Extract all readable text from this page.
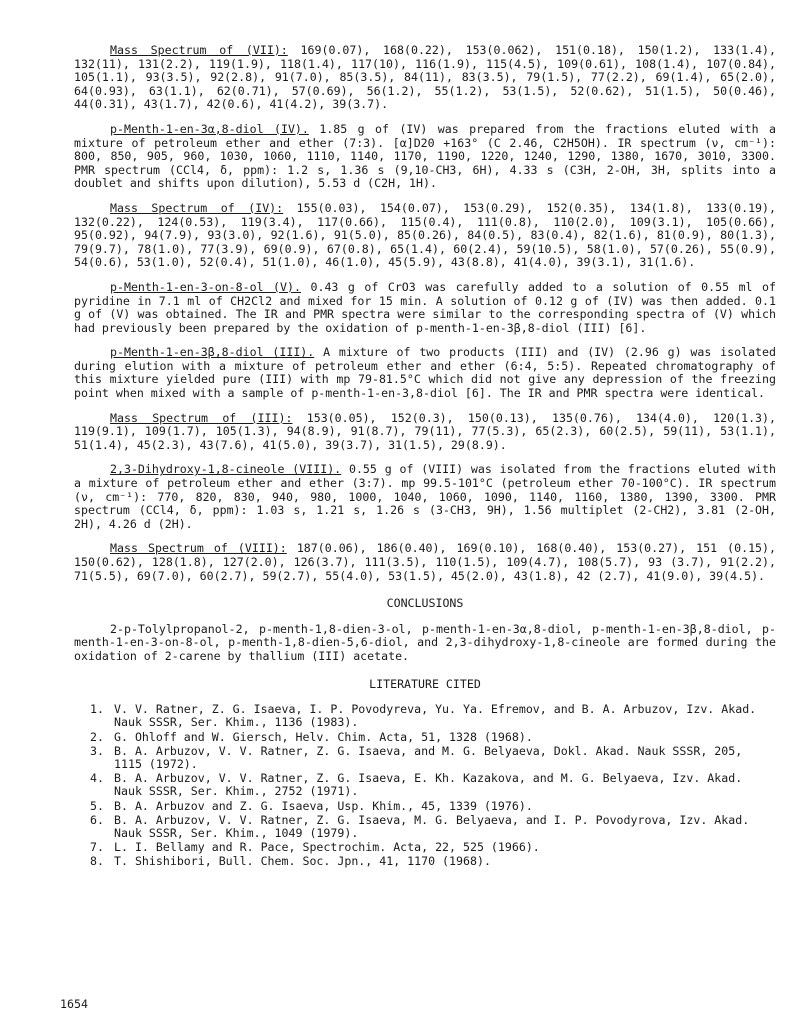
Mass Spectrum of (VII): 169(0.07), 168(0.22), 153(0.062), 151(0.18), 150(1.2), 133(1.4), 132(11), 131(2.2), 119(1.9), 118(1.4), 117(10), 116(1.9), 115(4.5), 109(0.61), 108(1.4), 107(0.84), 105(1.1), 93(3.5), 92(2.8), 91(7.0), 85(3.5), 84(11), 83(3.5), 79(1.5), 77(2.2), 69(1.4), 65(2.0), 64(0.93), 63(1.1), 62(0.71), 57(0.69), 56(1.2), 55(1.2), 53(1.5), 52(0.62), 51(1.5), 50(0.46), 44(0.31), 43(1.7), 42(0.6), 41(4.2), 39(3.7).

p-Menth-1-en-3α,8-diol (IV). 1.85 g of (IV) was prepared from the fractions eluted with a mixture of petroleum ether and ether (7:3). [α]D20 +163° (C 2.46, C2H5OH). IR spectrum (ν, cm⁻¹): 800, 850, 905, 960, 1030, 1060, 1110, 1140, 1170, 1190, 1220, 1240, 1290, 1380, 1670, 3010, 3300. PMR spectrum (CCl4, δ, ppm): 1.2 s, 1.36 s (9,10-CH3, 6H), 4.33 s (C3H, 2-OH, 3H, splits into a doublet and shifts upon dilution), 5.53 d (C2H, 1H).

Mass Spectrum of (IV): 155(0.03), 154(0.07), 153(0.29), 152(0.35), 134(1.8), 133(0.19), 132(0.22), 124(0.53), 119(3.4), 117(0.66), 115(0.4), 111(0.8), 110(2.0), 109(3.1), 105(0.66), 95(0.92), 94(7.9), 93(3.0), 92(1.6), 91(5.0), 85(0.26), 84(0.5), 83(0.4), 82(1.6), 81(0.9), 80(1.3), 79(9.7), 78(1.0), 77(3.9), 69(0.9), 67(0.8), 65(1.4), 60(2.4), 59(10.5), 58(1.0), 57(0.26), 55(0.9), 54(0.6), 53(1.0), 52(0.4), 51(1.0), 46(1.0), 45(5.9), 43(8.8), 41(4.0), 39(3.1), 31(1.6).

p-Menth-1-en-3-on-8-ol (V). 0.43 g of CrO3 was carefully added to a solution of 0.55 ml of pyridine in 7.1 ml of CH2Cl2 and mixed for 15 min. A solution of 0.12 g of (IV) was then added. 0.1 g of (V) was obtained. The IR and PMR spectra were similar to the corresponding spectra of (V) which had previously been prepared by the oxidation of p-menth-1-en-3β,8-diol (III) [6].

p-Menth-1-en-3β,8-diol (III). A mixture of two products (III) and (IV) (2.96 g) was isolated during elution with a mixture of petroleum ether and ether (6:4, 5:5). Repeated chromatography of this mixture yielded pure (III) with mp 79-81.5°C which did not give any depression of the freezing point when mixed with a sample of p-menth-1-en-3,8-diol [6]. The IR and PMR spectra were identical.

Mass Spectrum of (III): 153(0.05), 152(0.3), 150(0.13), 135(0.76), 134(4.0), 120(1.3), 119(9.1), 109(1.7), 105(1.3), 94(8.9), 91(8.7), 79(11), 77(5.3), 65(2.3), 60(2.5), 59(11), 53(1.1), 51(1.4), 45(2.3), 43(7.6), 41(5.0), 39(3.7), 31(1.5), 29(8.9).

2,3-Dihydroxy-1,8-cineole (VIII). 0.55 g of (VIII) was isolated from the fractions eluted with a mixture of petroleum ether and ether (3:7). mp 99.5-101°C (petroleum ether 70-100°C). IR spectrum (ν, cm⁻¹): 770, 820, 830, 940, 980, 1000, 1040, 1060, 1090, 1140, 1160, 1380, 1390, 3300. PMR spectrum (CCl4, δ, ppm): 1.03 s, 1.21 s, 1.26 s (3-CH3, 9H), 1.56 multiplet (2-CH2), 3.81 (2-OH, 2H), 4.26 d (2H).

Mass Spectrum of (VIII): 187(0.06), 186(0.40), 169(0.10), 168(0.40), 153(0.27), 151 (0.15), 150(0.62), 128(1.8), 127(2.0), 126(3.7), 111(3.5), 110(1.5), 109(4.7), 108(5.7), 93 (3.7), 91(2.2), 71(5.5), 69(7.0), 60(2.7), 59(2.7), 55(4.0), 53(1.5), 45(2.0), 43(1.8), 42 (2.7), 41(9.0), 39(4.5).

CONCLUSIONS

2-p-Tolylpropanol-2, p-menth-1,8-dien-3-ol, p-menth-1-en-3α,8-diol, p-menth-1-en-3β,8-diol, p-menth-1-en-3-on-8-ol, p-menth-1,8-dien-5,6-diol, and 2,3-dihydroxy-1,8-cineole are formed during the oxidation of 2-carene by thallium (III) acetate.

LITERATURE CITED
1. V. V. Ratner, Z. G. Isaeva, I. P. Povodyreva, Yu. Ya. Efremov, and B. A. Arbuzov, Izv. Akad. Nauk SSSR, Ser. Khim., 1136 (1983).
2. G. Ohloff and W. Giersch, Helv. Chim. Acta, 51, 1328 (1968).
3. B. A. Arbuzov, V. V. Ratner, Z. G. Isaeva, and M. G. Belyaeva, Dokl. Akad. Nauk SSSR, 205, 1115 (1972).
4. B. A. Arbuzov, V. V. Ratner, Z. G. Isaeva, E. Kh. Kazakova, and M. G. Belyaeva, Izv. Akad. Nauk SSSR, Ser. Khim., 2752 (1971).
5. B. A. Arbuzov and Z. G. Isaeva, Usp. Khim., 45, 1339 (1976).
6. B. A. Arbuzov, V. V. Ratner, Z. G. Isaeva, M. G. Belyaeva, and I. P. Povodyrova, Izv. Akad. Nauk SSSR, Ser. Khim., 1049 (1979).
7. L. I. Bellamy and R. Pace, Spectrochim. Acta, 22, 525 (1966).
8. T. Shishibori, Bull. Chem. Soc. Jpn., 41, 1170 (1968).
1654
